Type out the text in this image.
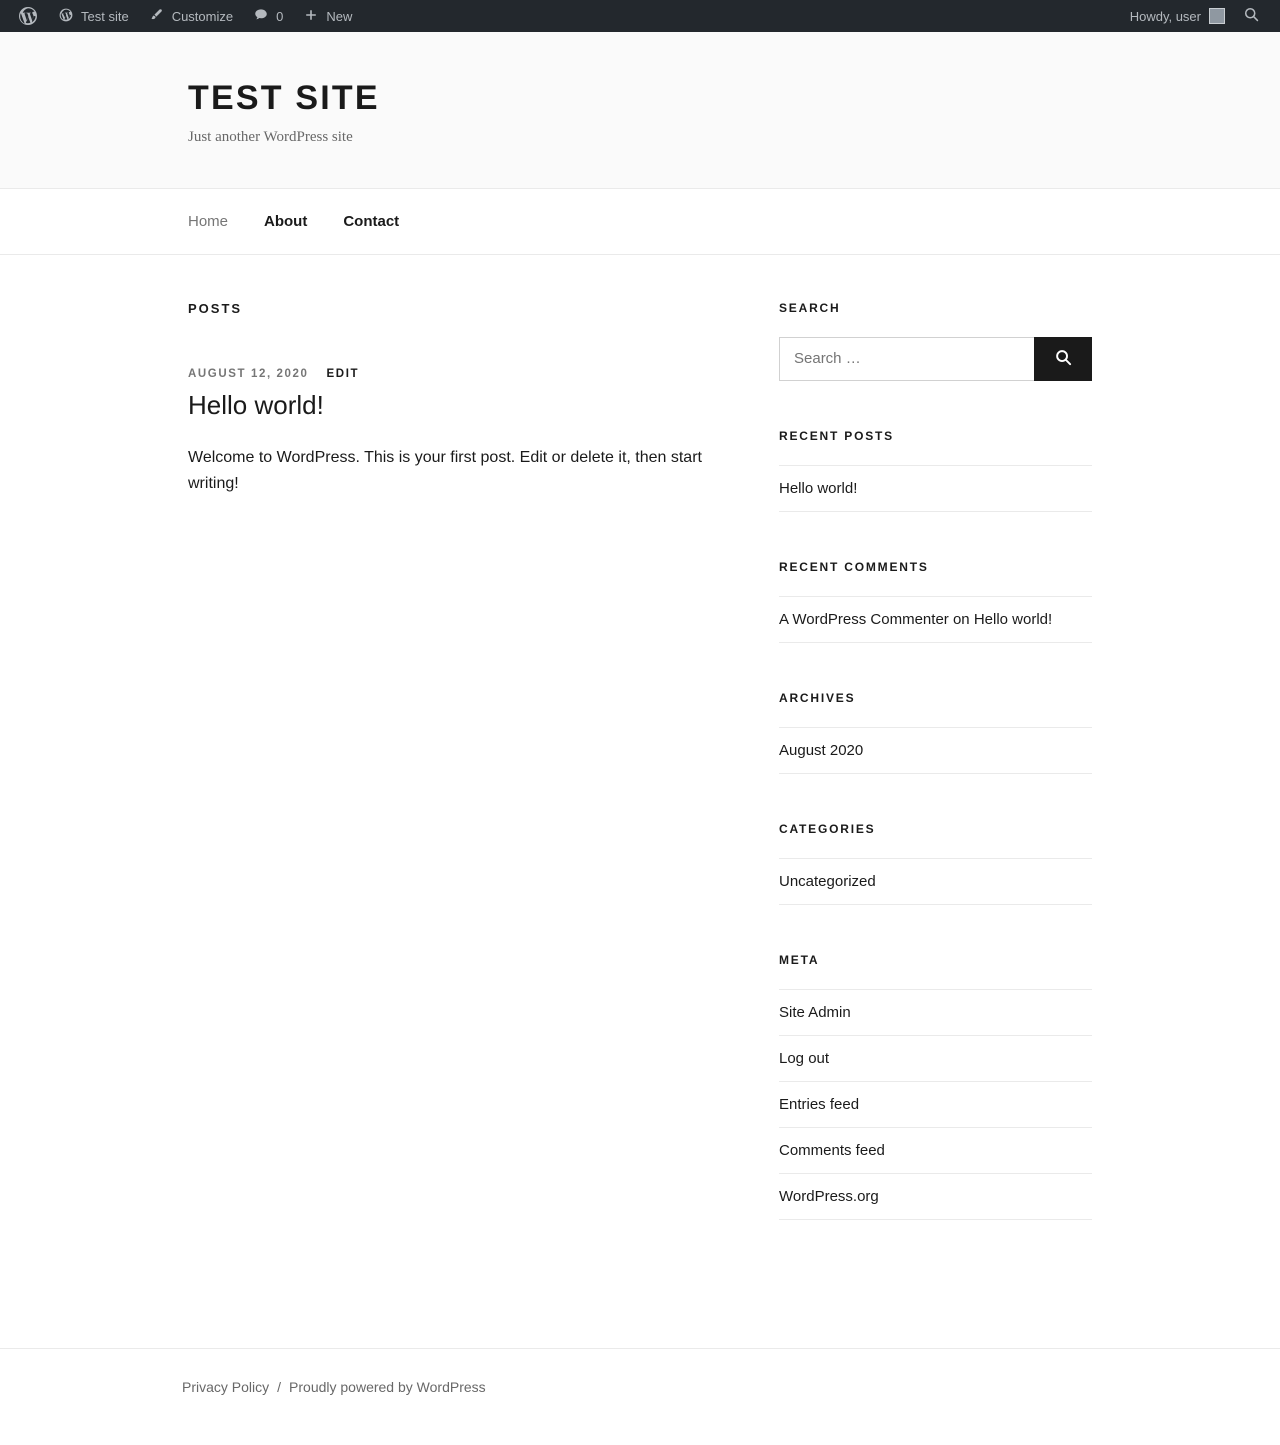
Test site	Customize	0	New	Howdy, user
TEST SITE

Just another WordPress site

Home About Contact
POSTS
AUGUST 12, 2020 EDIT
Hello world!

Welcome to WordPress. This is your first post. Edit or delete it, then start writing!

SEARCH
Search …
RECENT POSTS
Hello world!
RECENT COMMENTS
A WordPress Commenter on Hello world!
ARCHIVES
August 2020
CATEGORIES
Uncategorized
META
Site Admin
Log out
Entries feed
Comments feed
WordPress.org
Privacy Policy / Proudly powered by WordPress
